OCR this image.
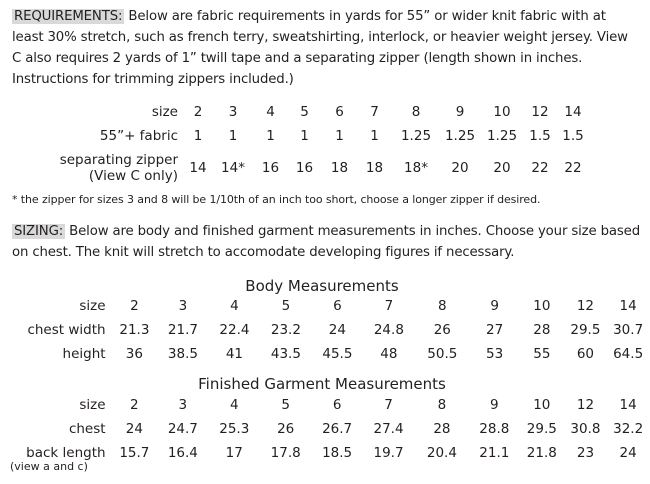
REQUIREMENTS: Below are fabric requirements in yards for 55” or wider knit fabric with at least 30% stretch, such as french terry, sweatshirting, interlock, or heavier weight jersey. View C also requires 2 yards of 1” twill tape and a separating zipper (length shown in inches. Instructions for trimming zippers included.)
size	2	3	4	5	6	7	8	9	10	12	14
55”+ fabric	1	1	1	1	1	1	1.25	1.25	1.25	1.5	1.5
separating zipper
(View C only)	14	14*	16	16	18	18	18*	20	20	22	22
* the zipper for sizes 3 and 8 will be 1/10th of an inch too short, choose a longer zipper if desired.
SIZING: Below are body and finished garment measurements in inches. Choose your size based on chest. The knit will stretch to accomodate developing figures if necessary.
Body Measurements
size	2	3	4	5	6	7	8	9	10	12	14
chest width	21.3	21.7	22.4	23.2	24	24.8	26	27	28	29.5	30.7
height	36	38.5	41	43.5	45.5	48	50.5	53	55	60	64.5
Finished Garment Measurements
size	2	3	4	5	6	7	8	9	10	12	14
chest	24	24.7	25.3	26	26.7	27.4	28	28.8	29.5	30.8	32.2
back length	15.7	16.4	17	17.8	18.5	19.7	20.4	21.1	21.8	23	24
(view a and c)
